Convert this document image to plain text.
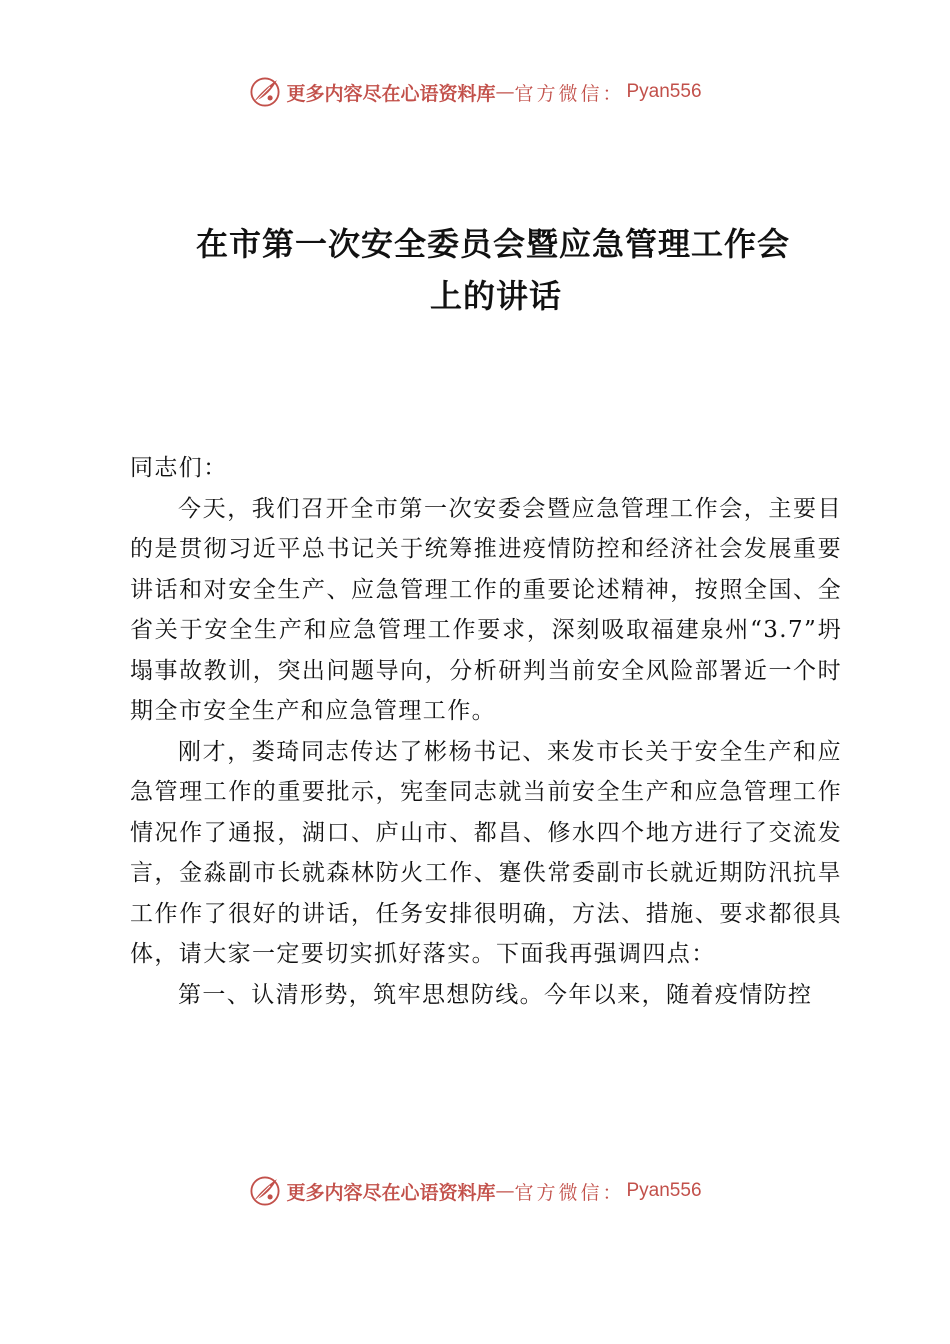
更多内容尽在心语资料库 — 官方微信： Pyan556
在市第一次安全委员会暨应急管理工作会
上的讲话

同志们：

今天，我们召开全市第一次安委会暨应急管理工作会，主要目的是贯彻习近平总书记关于统筹推进疫情防控和经济社会发展重要讲话和对安全生产、应急管理工作的重要论述精神，按照全国、全省关于安全生产和应急管理工作要求，深刻吸取福建泉州“3.7”坍塌事故教训，突出问题导向，分析研判当前安全风险部署近一个时期全市安全生产和应急管理工作。

刚才，娄琦同志传达了彬杨书记、来发市长关于安全生产和应急管理工作的重要批示，宪奎同志就当前安全生产和应急管理工作情况作了通报，湖口、庐山市、都昌、修水四个地方进行了交流发言，金淼副市长就森林防火工作、蹇佚常委副市长就近期防汛抗旱工作作了很好的讲话，任务安排很明确，方法、措施、要求都很具体，请大家一定要切实抓好落实。下面我再强调四点：

第一、认清形势，筑牢思想防线。今年以来，随着疫情防控

更多内容尽在心语资料库 — 官方微信： Pyan556
